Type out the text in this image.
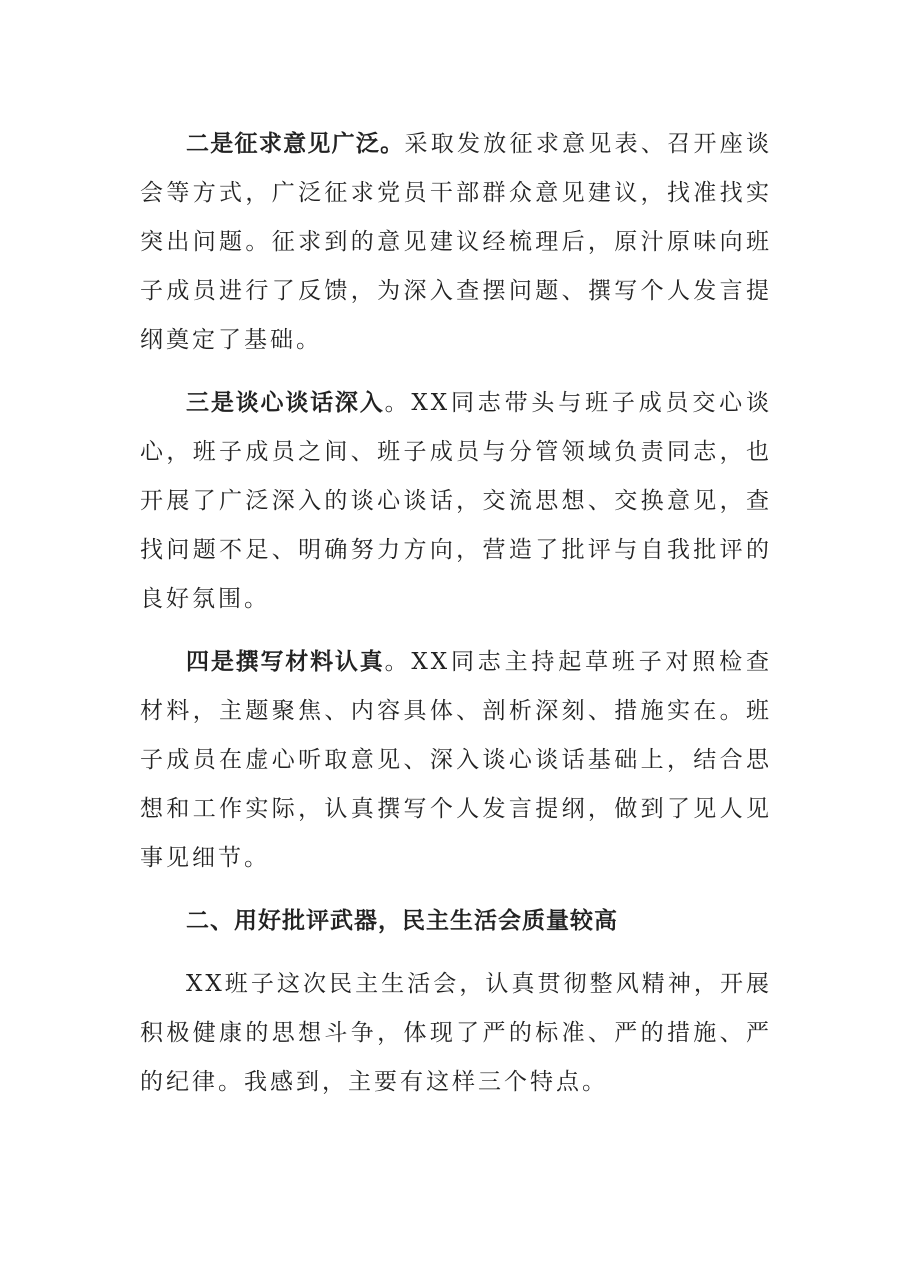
二是征求意见广泛。采取发放征求意见表、召开座谈会等方式，广泛征求党员干部群众意见建议，找准找实突出问题。征求到的意见建议经梳理后，原汁原味向班子成员进行了反馈，为深入查摆问题、撰写个人发言提纲奠定了基础。

三是谈心谈话深入。XX同志带头与班子成员交心谈心，班子成员之间、班子成员与分管领域负责同志，也开展了广泛深入的谈心谈话，交流思想、交换意见，查找问题不足、明确努力方向，营造了批评与自我批评的良好氛围。

四是撰写材料认真。XX同志主持起草班子对照检查材料，主题聚焦、内容具体、剖析深刻、措施实在。班子成员在虚心听取意见、深入谈心谈话基础上，结合思想和工作实际，认真撰写个人发言提纲，做到了见人见事见细节。

二、用好批评武器，民主生活会质量较高

XX班子这次民主生活会，认真贯彻整风精神，开展积极健康的思想斗争，体现了严的标准、严的措施、严的纪律。我感到，主要有这样三个特点。
